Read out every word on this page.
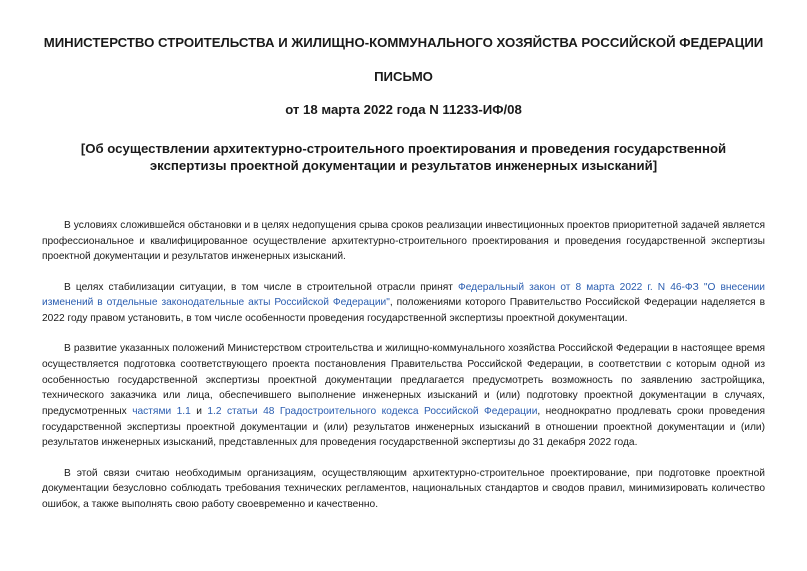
МИНИСТЕРСТВО СТРОИТЕЛЬСТВА И ЖИЛИЩНО-КОММУНАЛЬНОГО ХОЗЯЙСТВА РОССИЙСКОЙ ФЕДЕРАЦИИ

ПИСЬМО

от 18 марта 2022 года N 11233-ИФ/08

[Об осуществлении архитектурно-строительного проектирования и проведения государственной экспертизы проектной документации и результатов инженерных изысканий]

В условиях сложившейся обстановки и в целях недопущения срыва сроков реализации инвестиционных проектов приоритетной задачей является профессиональное и квалифицированное осуществление архитектурно-строительного проектирования и проведения государственной экспертизы проектной документации и результатов инженерных изысканий.

В целях стабилизации ситуации, в том числе в строительной отрасли принят Федеральный закон от 8 марта 2022 г. N 46-ФЗ "О внесении изменений в отдельные законодательные акты Российской Федерации", положениями которого Правительство Российской Федерации наделяется в 2022 году правом установить, в том числе особенности проведения государственной экспертизы проектной документации.

В развитие указанных положений Министерством строительства и жилищно-коммунального хозяйства Российской Федерации в настоящее время осуществляется подготовка соответствующего проекта постановления Правительства Российской Федерации, в соответствии с которым одной из особенностью государственной экспертизы проектной документации предлагается предусмотреть возможность по заявлению застройщика, технического заказчика или лица, обеспечившего выполнение инженерных изысканий и (или) подготовку проектной документации в случаях, предусмотренных частями 1.1 и 1.2 статьи 48 Градостроительного кодекса Российской Федерации, неоднократно продлевать сроки проведения государственной экспертизы проектной документации и (или) результатов инженерных изысканий в отношении проектной документации и (или) результатов инженерных изысканий, представленных для проведения государственной экспертизы до 31 декабря 2022 года.

В этой связи считаю необходимым организациям, осуществляющим архитектурно-строительное проектирование, при подготовке проектной документации безусловно соблюдать требования технических регламентов, национальных стандартов и сводов правил, минимизировать количество ошибок, а также выполнять свою работу своевременно и качественно.
